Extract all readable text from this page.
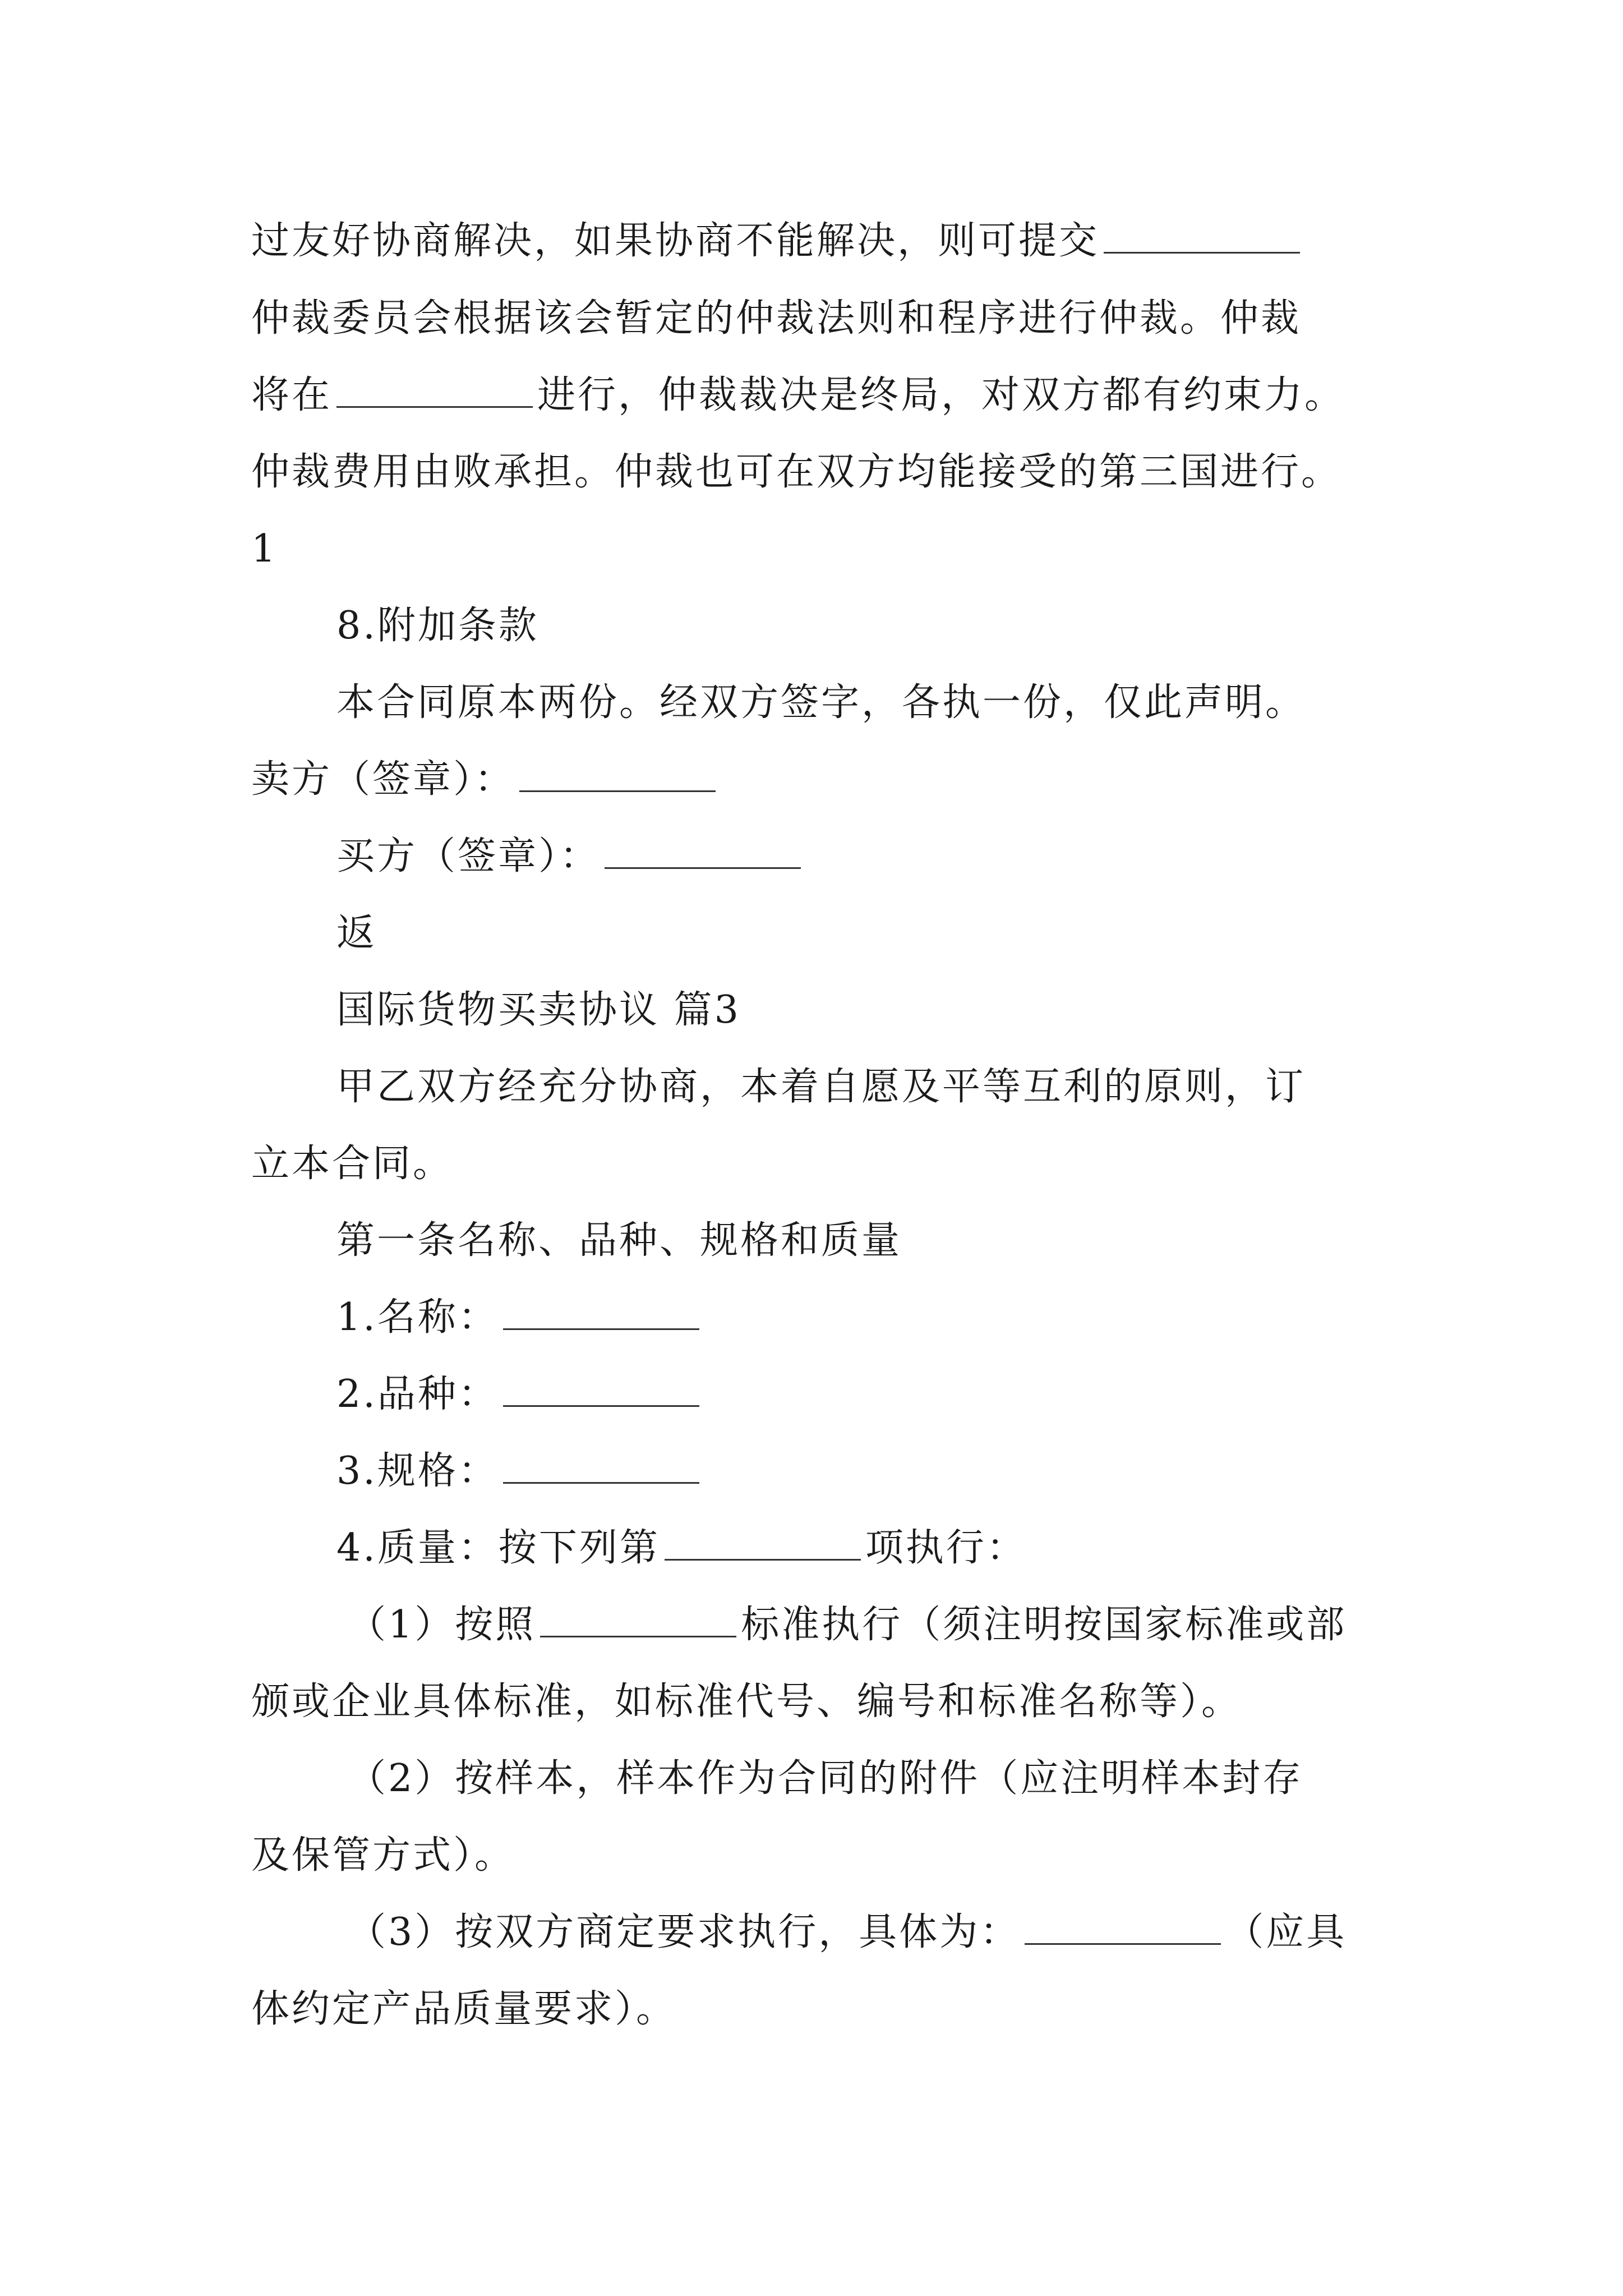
过友好协商解决，如果协商不能解决，则可提交
仲裁委员会根据该会暂定的仲裁法则和程序进行仲裁。仲裁
将在	进行，仲裁裁决是终局，对双方都有约束力。
仲裁费用由败承担。仲裁也可在双方均能接受的第三国进行。
1
8.附加条款
本合同原本两份。经双方签字，各执一份，仅此声明。
卖方（签章）：
买方（签章）：
返
国际货物买卖协议 篇3
甲乙双方经充分协商，本着自愿及平等互利的原则，订
立本合同。
第一条名称、品种、规格和质量
1.名称：
2.品种：
3.规格：
4.质量：按下列第	项执行：
（1）按照	标准执行（须注明按国家标准或部
颁或企业具体标准，如标准代号、编号和标准名称等）。
（2）按样本，样本作为合同的附件（应注明样本封存
及保管方式）。
（3）按双方商定要求执行，具体为：	（应具
体约定产品质量要求）。
